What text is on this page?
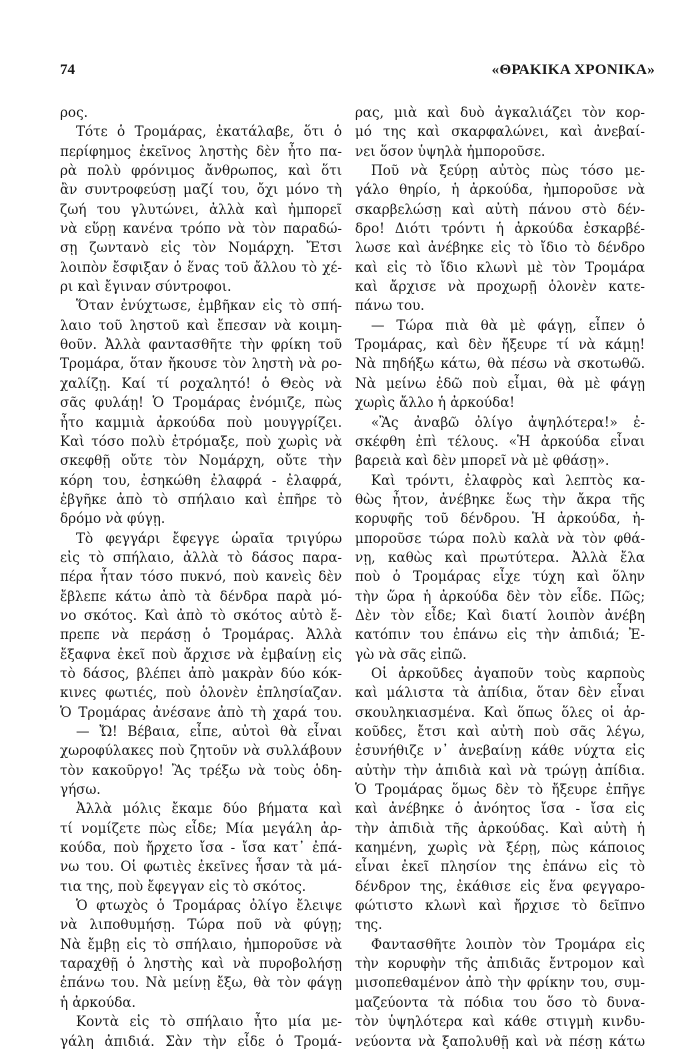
74	«ΘΡΑΚΙΚΑ ΧΡΟΝΙΚΑ»
ρος.
Τότε ὁ Τρομάρας, ἐκατάλαβε, ὅτι ὁ
περίφημος ἐκεῖνος ληστὴς δὲν ἦτο πα-
ρὰ πολὺ φρόνιμος ἄνθρωπος, καὶ ὅτι
ἂν συντροφεύσῃ μαζί του, ὄχι μόνο τὴ
ζωή του γλυτώνει, ἀλλὰ καὶ ἠμπορεῖ
νὰ εὕρῃ κανένα τρόπο νὰ τὸν παραδώ-
σῃ ζωντανὸ εἰς τὸν Νομάρχη. Ἔτσι
λοιπὸν ἔσφιξαν ὁ ἕνας τοῦ ἄλλου τὸ χέ-
ρι καὶ ἔγιναν σύντροφοι.
Ὅταν ἐνύχτωσε, ἐμβῆκαν εἰς τὸ σπή-
λαιο τοῦ ληστοῦ καὶ ἔπεσαν νὰ κοιμη-
θοῦν. Ἀλλὰ φαντασθῆτε τὴν φρίκη τοῦ
Τρομάρα, ὅταν ἤκουσε τὸν ληστὴ νὰ ρο-
χαλίζῃ. Καί τί ροχαλητό! ὁ Θεὸς νὰ
σᾶς φυλάῃ! Ὁ Τρομάρας ἐνόμιζε, πὼς
ἦτο καμμιὰ ἀρκούδα ποὺ μουγγρίζει.
Καὶ τόσο πολὺ ἐτρόμαξε, ποὺ χωρὶς νὰ
σκεφθῇ οὔτε τὸν Νομάρχη, οὔτε τὴν
κόρη του, ἐσηκώθη ἐλαφρά - ἐλαφρά,
ἐβγῆκε ἀπὸ τὸ σπήλαιο καὶ ἐπῆρε τὸ
δρόμο νὰ φύγῃ.
Τὸ φεγγάρι ἔφεγγε ὡραῖα τριγύρω
εἰς τὸ σπήλαιο, ἀλλὰ τὸ δάσος παρα-
πέρα ἦταν τόσο πυκνό, ποὺ κανεὶς δὲν
ἔβλεπε κάτω ἀπὸ τὰ δένδρα παρὰ μό-
νο σκότος. Καὶ ἀπὸ τὸ σκότος αὐτὸ ἔ-
πρεπε νὰ περάσῃ ὁ Τρομάρας. Ἀλλὰ
ἔξαφνα ἐκεῖ ποὺ ἄρχισε νὰ ἐμβαίνῃ εἰς
τὸ δάσος, βλέπει ἀπὸ μακρὰν δύο κόκ-
κινες φωτιές, ποὺ ὁλονὲν ἐπλησίαζαν.
Ὁ Τρομάρας ἀνέσανε ἀπὸ τὴ χαρά του.
— Ὤ! Βέβαια, εἶπε, αὐτοὶ θὰ εἶναι
χωροφύλακες ποὺ ζητοῦν νὰ συλλάβουν
τὸν κακοῦργο! Ἂς τρέξω νὰ τοὺς ὁδη-
γήσω.
Ἀλλὰ μόλις ἔκαμε δύο βήματα καὶ
τί νομίζετε πὼς εἶδε; Μία μεγάλη ἀρ-
κούδα, ποὺ ἤρχετο ἴσα - ἴσα κατ᾿ ἐπά-
νω του. Οἱ φωτιὲς ἐκεῖνες ἦσαν τὰ μά-
τια της, ποὺ ἔφεγγαν εἰς τὸ σκότος.
Ὁ φτωχὸς ὁ Τρομάρας ὀλίγο ἔλειψε
νὰ λιποθυμήσῃ. Τώρα ποῦ νὰ φύγῃ;
Νὰ ἔμβῃ εἰς τὸ σπήλαιο, ἠμποροῦσε νὰ
ταραχθῇ ὁ ληστὴς καὶ νὰ πυροβολήσῃ
ἐπάνω του. Νὰ μείνῃ ἔξω, θὰ τὸν φάγῃ
ἡ ἀρκούδα.
Κοντὰ εἰς τὸ σπήλαιο ἦτο μία με-
γάλη ἀπιδιά. Σὰν τὴν εἶδε ὁ Τρομά-
ρας, μιὰ καὶ δυὸ ἀγκαλιάζει τὸν κορ-
μό της καὶ σκαρφαλώνει, καὶ ἀνεβαί-
νει ὅσον ὑψηλὰ ἠμποροῦσε.
Ποῦ νὰ ξεύρῃ αὐτὸς πὼς τόσο με-
γάλο θηρίο, ἡ ἀρκούδα, ἠμποροῦσε νὰ
σκαρβελώσῃ καὶ αὐτὴ πάνου στὸ δέν-
δρο! Διότι τρόντι ἡ ἀρκούδα ἐσκαρβέ-
λωσε καὶ ἀνέβηκε εἰς τὸ ἴδιο τὸ δένδρο
καὶ εἰς τὸ ἴδιο κλωνὶ μὲ τὸν Τρομάρα
καὶ ἄρχισε νὰ προχωρῇ ὁλονὲν κατε-
πάνω του.
— Τώρα πιὰ θὰ μὲ φάγῃ, εἶπεν ὁ
Τρομάρας, καὶ δὲν ἤξευρε τί νὰ κάμῃ!
Νὰ πηδήξω κάτω, θὰ πέσω νὰ σκοτωθῶ.
Νὰ μείνω ἐδῶ ποὺ εἶμαι, θὰ μὲ φάγῃ
χωρὶς ἄλλο ἡ ἀρκούδα!
«Ἂς ἀναβῶ ὀλίγο ἀψηλότερα!» ἐ-
σκέφθη ἐπὶ τέλους. «Ἡ ἀρκούδα εἶναι
βαρειὰ καὶ δὲν μπορεῖ νὰ μὲ φθάσῃ».
Καὶ τρόντι, ἐλαφρὸς καὶ λεπτὸς κα-
θὼς ἦτον, ἀνέβηκε ἕως τὴν ἄκρα τῆς
κορυφῆς τοῦ δένδρου. Ἡ ἀρκούδα, ἠ-
μποροῦσε τώρα πολὺ καλὰ νὰ τὸν φθά-
νῃ, καθὼς καὶ πρωτύτερα. Ἀλλὰ ἔλα
ποὺ ὁ Τρομάρας εἶχε τύχη καὶ ὅλην
τὴν ὥρα ἡ ἀρκούδα δὲν τὸν εἶδε. Πῶς;
Δὲν τὸν εἶδε; Καὶ διατί λοιπὸν ἀνέβη
κατόπιν του ἐπάνω εἰς τὴν ἀπιδιά; Ἐ-
γὼ νὰ σᾶς εἰπῶ.
Οἱ ἀρκοῦδες ἀγαποῦν τοὺς καρποὺς
καὶ μάλιστα τὰ ἀπίδια, ὅταν δὲν εἶναι
σκουληκιασμένα. Καὶ ὅπως ὅλες οἱ ἀρ-
κοῦδες, ἔτσι καὶ αὐτὴ ποὺ σᾶς λέγω,
ἐσυνήθιζε ν᾿ ἀνεβαίνῃ κάθε νύχτα εἰς
αὐτὴν τὴν ἀπιδιὰ καὶ νὰ τρώγῃ ἀπίδια.
Ὁ Τρομάρας ὅμως δὲν τὸ ἤξευρε ἐπῆγε
καὶ ἀνέβηκε ὁ ἀνόητος ἴσα - ἴσα εἰς
τὴν ἀπιδιὰ τῆς ἀρκούδας. Καὶ αὐτὴ ἡ
καημένη, χωρὶς νὰ ξέρῃ, πὼς κάποιος
εἶναι ἐκεῖ πλησίον της ἐπάνω εἰς τὸ
δένδρον της, ἐκάθισε εἰς ἕνα φεγγαρο-
φώτιστο κλωνὶ καὶ ἤρχισε τὸ δεῖπνο
της.
Φαντασθῆτε λοιπὸν τὸν Τρομάρα εἰς
τὴν κορυφὴν τῆς ἀπιδιᾶς ἔντρομον καὶ
μισοπεθαμένον ἀπὸ τὴν φρίκην του, συμ-
μαζεύοντα τὰ πόδια του ὅσο τὸ δυνα-
τὸν ὑψηλότερα καὶ κάθε στιγμὴ κινδυ-
νεύοντα νὰ ξαπολυθῇ καὶ νὰ πέσῃ κάτω
